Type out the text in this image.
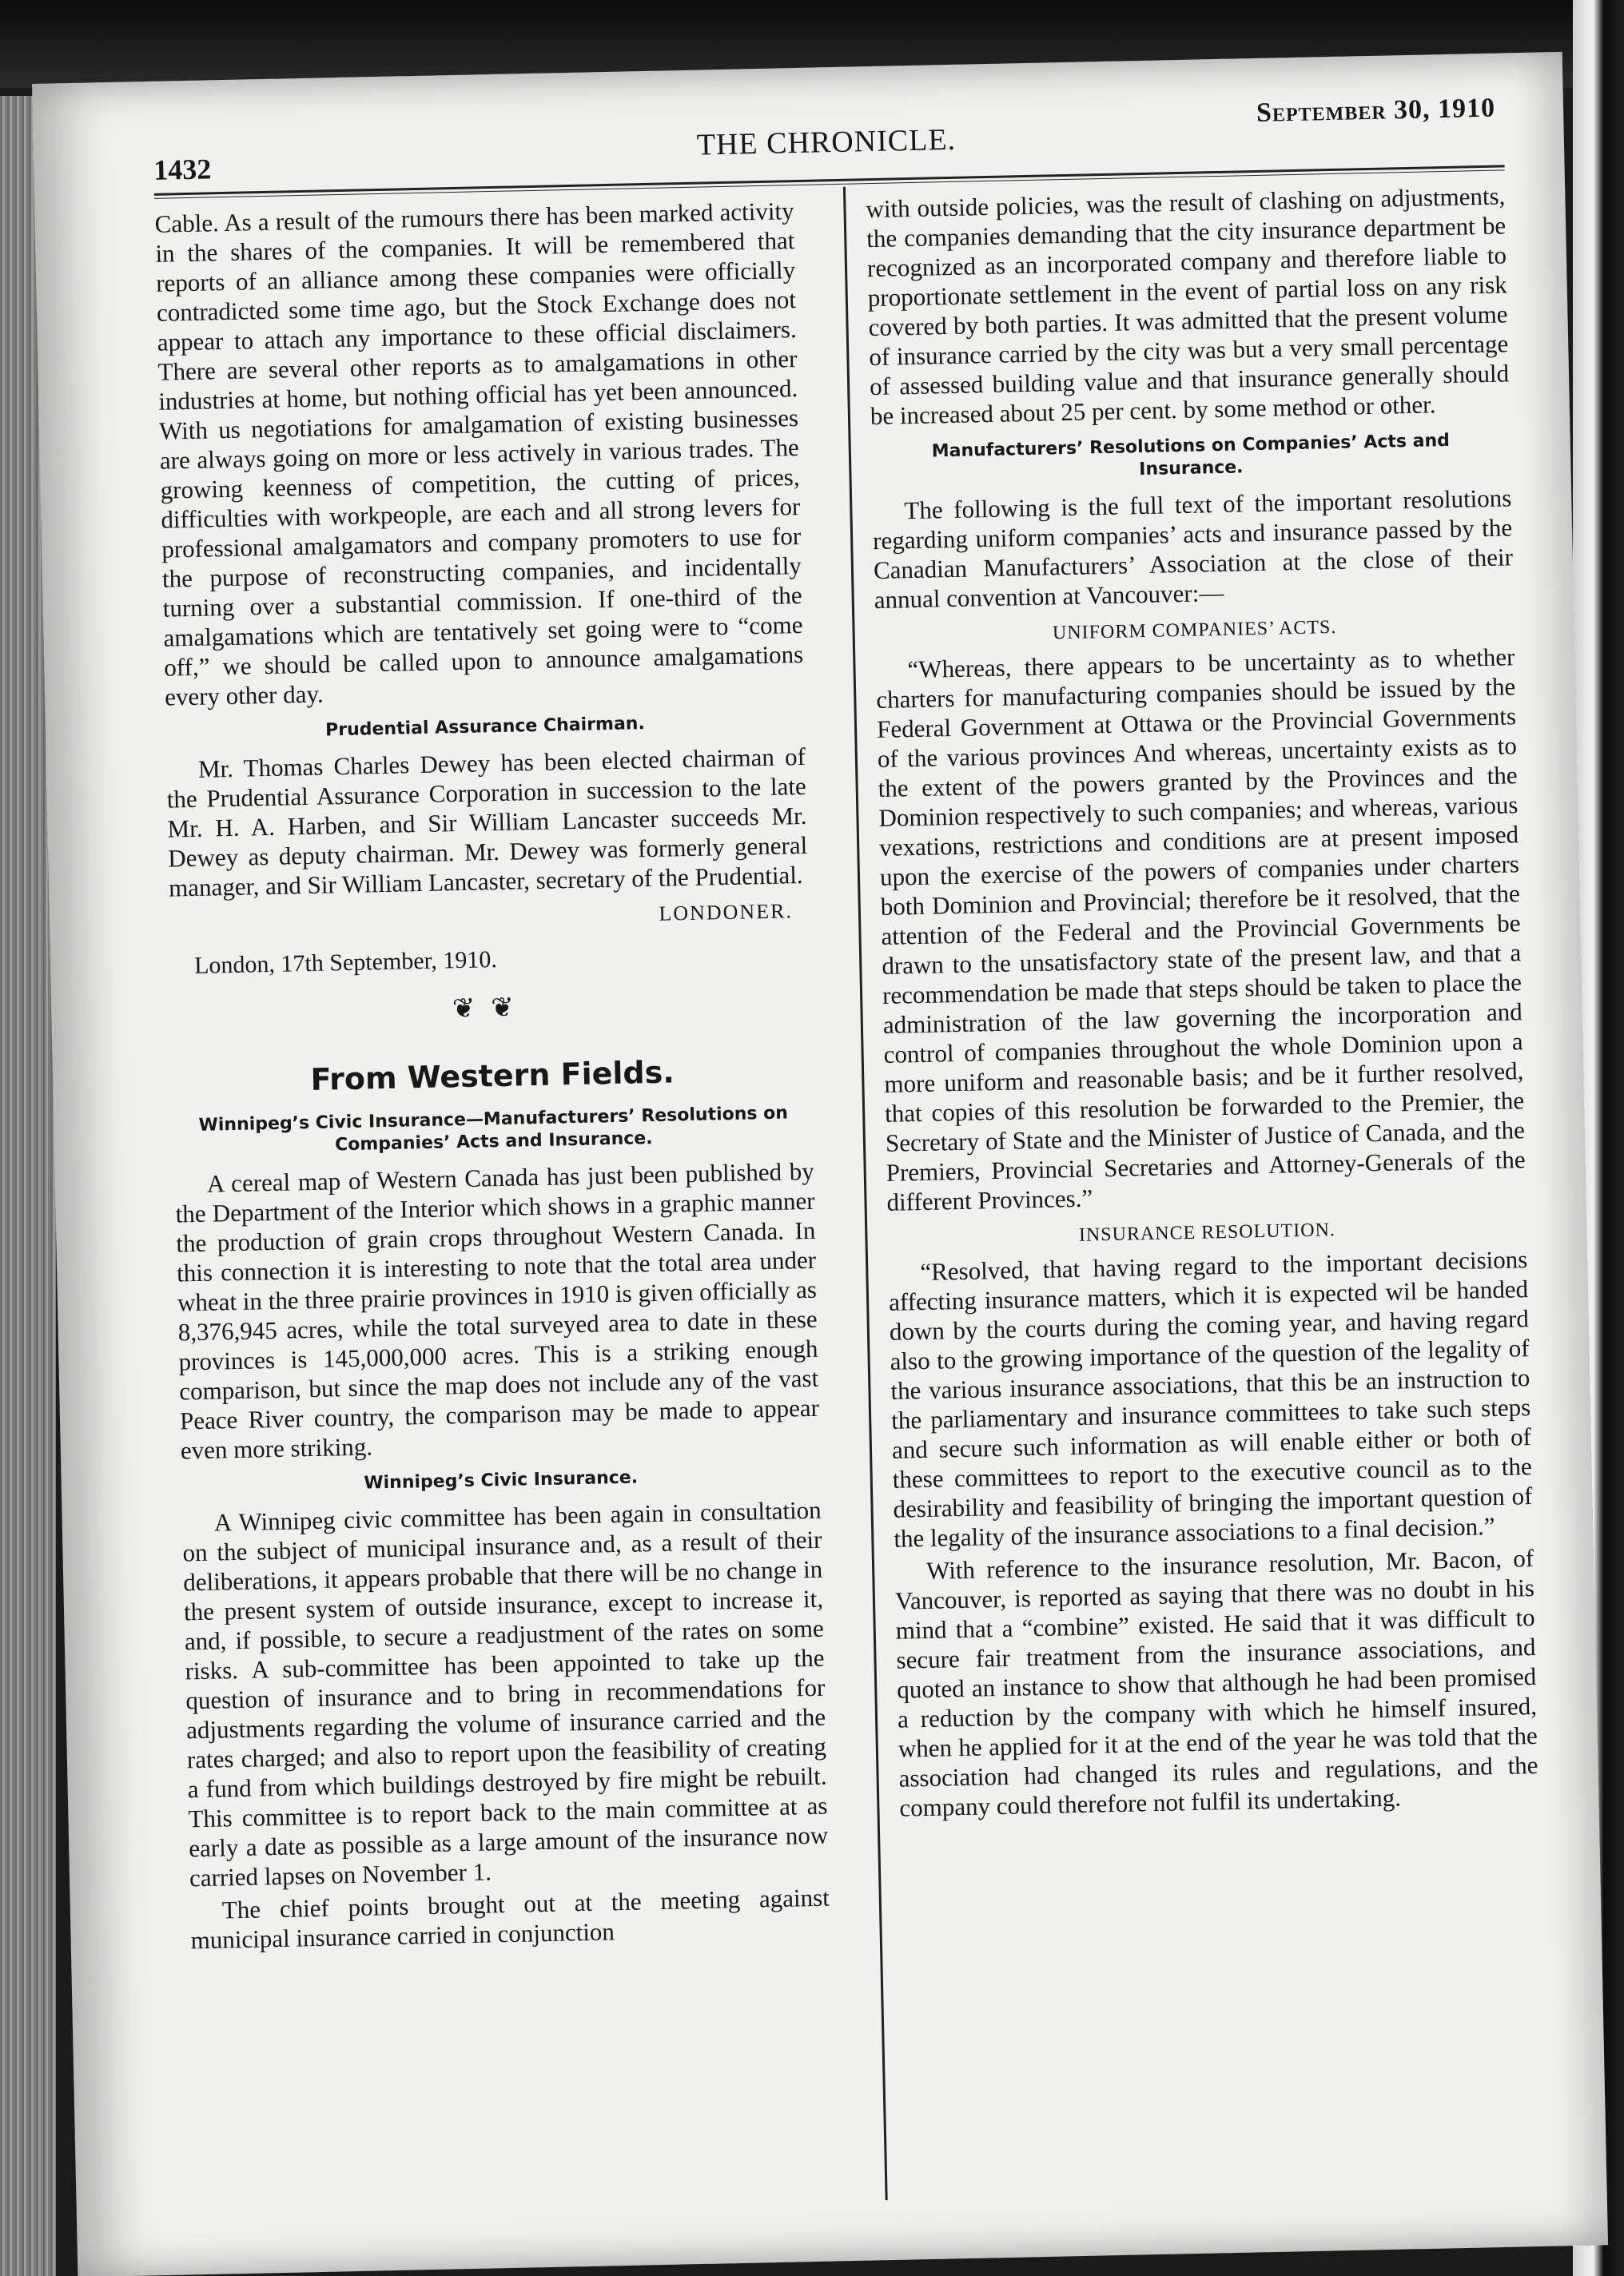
1432
THE CHRONICLE.
September 30, 1910

Cable. As a result of the rumours there has been marked activity in the shares of the companies. It will be remembered that reports of an alliance among these companies were officially contradicted some time ago, but the Stock Exchange does not appear to attach any importance to these official disclaimers. There are several other reports as to amalgamations in other industries at home, but nothing official has yet been announced. With us negotiations for amalgamation of existing businesses are always going on more or less actively in various trades. The growing keenness of competition, the cutting of prices, difficulties with workpeople, are each and all strong levers for professional amalgamators and company promoters to use for the purpose of reconstructing companies, and incidentally turning over a substantial commission. If one-third of the amalgamations which are tentatively set going were to “come off,” we should be called upon to announce amalgamations every other day.

Prudential Assurance Chairman.

Mr. Thomas Charles Dewey has been elected chairman of the Prudential Assurance Corporation in succession to the late Mr. H. A. Harben, and Sir William Lancaster succeeds Mr. Dewey as deputy chairman. Mr. Dewey was formerly general manager, and Sir William Lancaster, secretary of the Prudential.

LONDONER.
London, 17th September, 1910.
❦❦
From Western Fields.
Winnipeg’s Civic Insurance—Manufacturers’ Resolutions on Companies’ Acts and Insurance.

A cereal map of Western Canada has just been published by the Department of the Interior which shows in a graphic manner the production of grain crops throughout Western Canada. In this connection it is interesting to note that the total area under wheat in the three prairie provinces in 1910 is given officially as 8,376,945 acres, while the total surveyed area to date in these provinces is 145,000,000 acres. This is a striking enough comparison, but since the map does not include any of the vast Peace River country, the comparison may be made to appear even more striking.

Winnipeg’s Civic Insurance.

A Winnipeg civic committee has been again in consultation on the subject of municipal insurance and, as a result of their deliberations, it appears probable that there will be no change in the present system of outside insurance, except to increase it, and, if possible, to secure a readjustment of the rates on some risks. A sub-committee has been appointed to take up the question of insurance and to bring in recommendations for adjustments regarding the volume of insurance carried and the rates charged; and also to report upon the feasibility of creating a fund from which buildings destroyed by fire might be rebuilt. This committee is to report back to the main committee at as early a date as possible as a large amount of the insurance now carried lapses on November 1.

The chief points brought out at the meeting against municipal insurance carried in conjunction

with outside policies, was the result of clashing on adjustments, the companies demanding that the city insurance department be recognized as an incorporated company and therefore liable to proportionate settlement in the event of partial loss on any risk covered by both parties. It was admitted that the present volume of insurance carried by the city was but a very small percentage of assessed building value and that insurance generally should be increased about 25 per cent. by some method or other.

Manufacturers’ Resolutions on Companies’ Acts and Insurance.

The following is the full text of the important resolutions regarding uniform companies’ acts and insurance passed by the Canadian Manufacturers’ Association at the close of their annual convention at Vancouver:—

UNIFORM COMPANIES’ ACTS.

“Whereas, there appears to be uncertainty as to whether charters for manufacturing companies should be issued by the Federal Government at Ottawa or the Provincial Governments of the various provinces And whereas, uncertainty exists as to the extent of the powers granted by the Provinces and the Dominion respectively to such companies; and whereas, various vexations, restrictions and conditions are at present imposed upon the exercise of the powers of companies under charters both Dominion and Provincial; therefore be it resolved, that the attention of the Federal and the Provincial Governments be drawn to the unsatisfactory state of the present law, and that a recommendation be made that steps should be taken to place the administration of the law governing the incorporation and control of companies throughout the whole Dominion upon a more uniform and reasonable basis; and be it further resolved, that copies of this resolution be forwarded to the Premier, the Secretary of State and the Minister of Justice of Canada, and the Premiers, Provincial Secretaries and Attorney-Generals of the different Provinces.”

INSURANCE RESOLUTION.

“Resolved, that having regard to the important decisions affecting insurance matters, which it is expected wil be handed down by the courts during the coming year, and having regard also to the growing importance of the question of the legality of the various insurance associations, that this be an instruction to the parliamentary and insurance committees to take such steps and secure such information as will enable either or both of these committees to report to the executive council as to the desirability and feasibility of bringing the important question of the legality of the insurance associations to a final decision.”

With reference to the insurance resolution, Mr. Bacon, of Vancouver, is reported as saying that there was no doubt in his mind that a “combine” existed. He said that it was difficult to secure fair treatment from the insurance associations, and quoted an instance to show that although he had been promised a reduction by the company with which he himself insured, when he applied for it at the end of the year he was told that the association had changed its rules and regulations, and the company could therefore not fulfil its undertaking.
